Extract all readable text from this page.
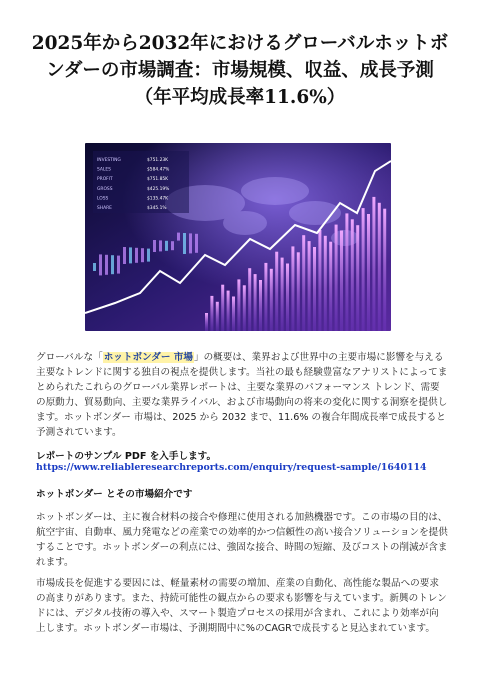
2025年から2032年におけるグローバルホットボンダーの市場調査：市場規模、収益、成長予測（年平均成長率11.6%）
INVESTING	$751.23K
SALES	$584.47%
PROFIT	$751.85K
GROSS	$425.19%
LOSS	$135.47K
SHARE	$345.1%

グローバルな「ホットボンダー 市場」の概要は、業界および世界中の主要市場に影響を与える主要なトレンドに関する独自の視点を提供します。当社の最も経験豊富なアナリストによってまとめられたこれらのグローバル業界レポートは、主要な業界のパフォーマンス トレンド、需要の原動力、貿易動向、主要な業界ライバル、および市場動向の将来の変化に関する洞察を提供します。ホットボンダー 市場は、2025 から 2032 まで、11.6% の複合年間成長率で成長すると予測されています。

レポートのサンプル PDF を入手します。
https://www.reliableresearchreports.com/enquiry/request-sample/1640114
ホットボンダー とその市場紹介です

ホットボンダーは、主に複合材料の接合や修理に使用される加熱機器です。この市場の目的は、航空宇宙、自動車、風力発電などの産業での効率的かつ信頼性の高い接合ソリューションを提供することです。ホットボンダーの利点には、強固な接合、時間の短縮、及びコストの削減が含まれます。

市場成長を促進する要因には、軽量素材の需要の増加、産業の自動化、高性能な製品への要求の高まりがあります。また、持続可能性の観点からの要求も影響を与えています。新興のトレンドには、デジタル技術の導入や、スマート製造プロセスの採用が含まれ、これにより効率が向上します。ホットボンダー市場は、予測期間中に%のCAGRで成長すると見込まれています。
